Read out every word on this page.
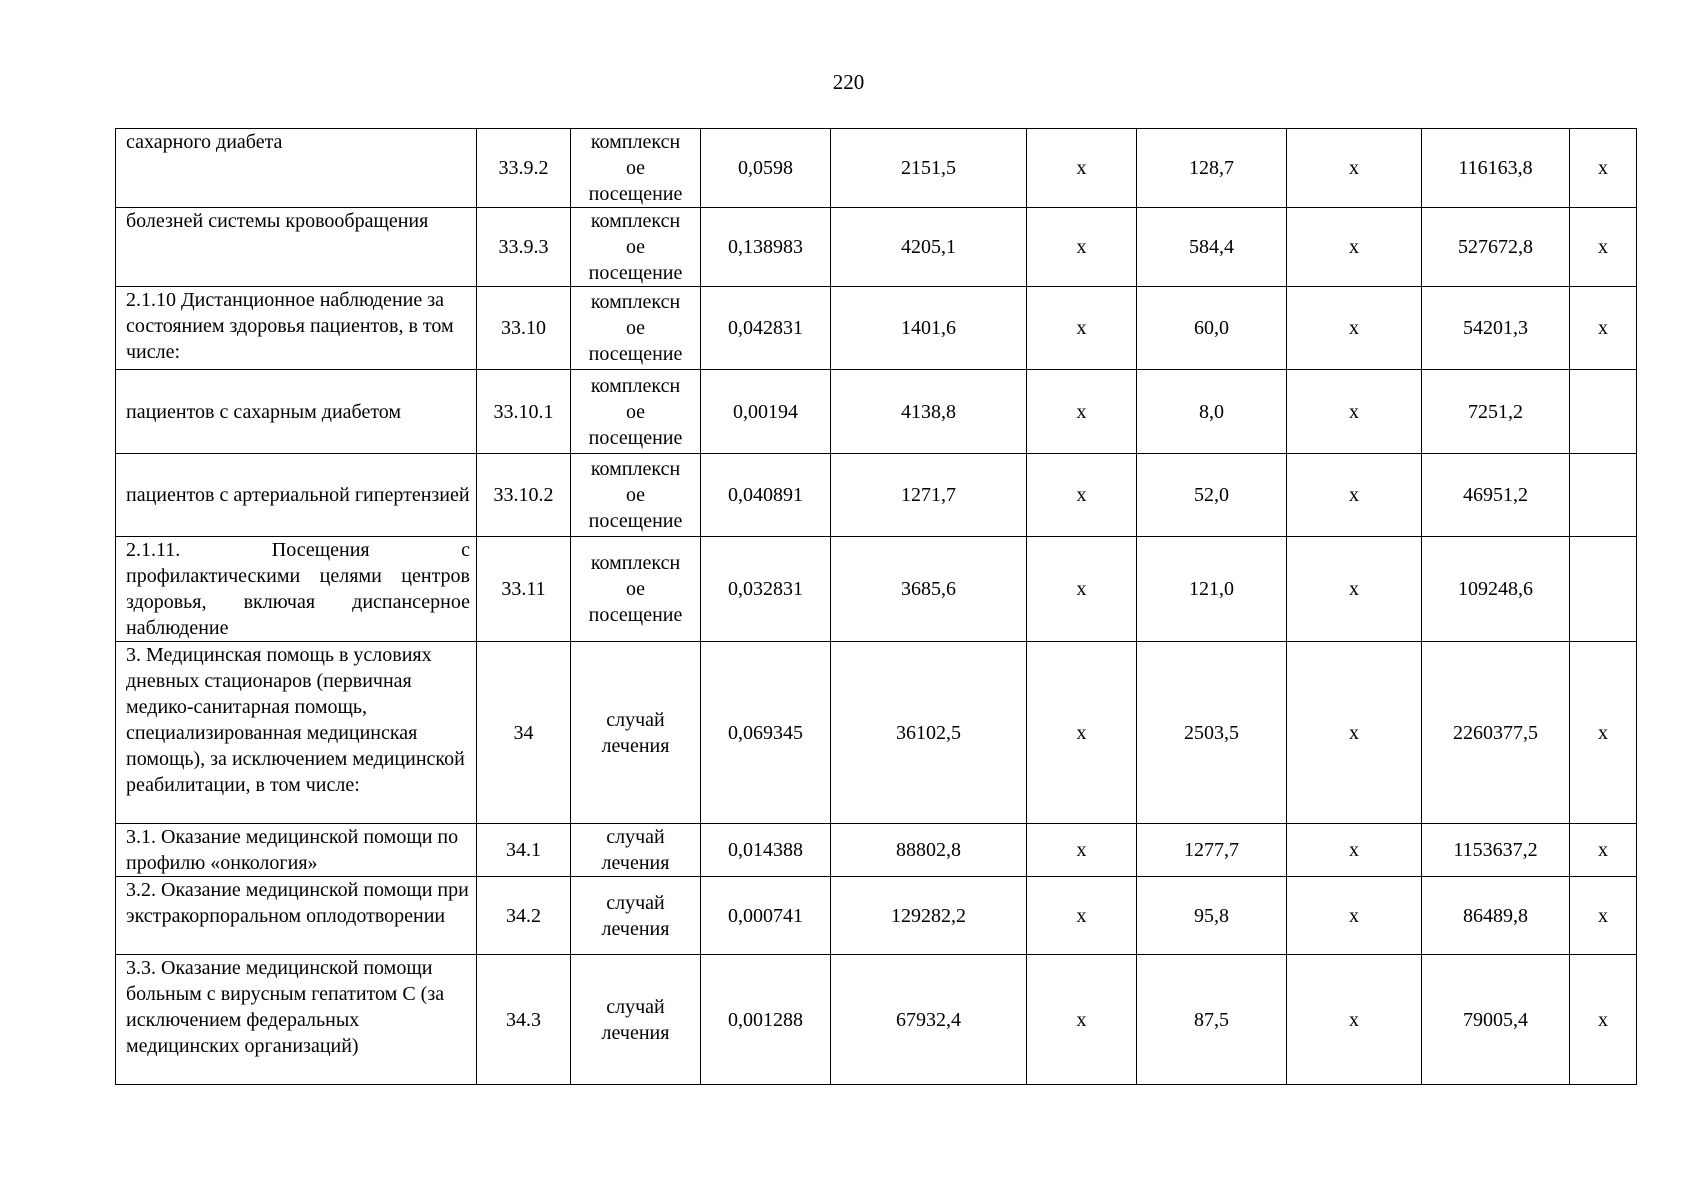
220
сахарного диабета	33.9.2	комплексн ое посещение	0,0598	2151,5	x	128,7	x	116163,8	x
болезней системы кровообращения	33.9.3	комплексн ое посещение	0,138983	4205,1	x	584,4	x	527672,8	x
2.1.10 Дистанционное наблюдение за состоянием здоровья пациентов, в том числе:	33.10	комплексн ое посещение	0,042831	1401,6	x	60,0	x	54201,3	x
пациентов с сахарным диабетом	33.10.1	комплексн ое посещение	0,00194	4138,8	x	8,0	x	7251,2	
пациентов с артериальной гипертензией	33.10.2	комплексн ое посещение	0,040891	1271,7	x	52,0	x	46951,2	
2.1.11. Посещения с профилактическими целями центров здоровья, включая диспансерное наблюдение	33.11	комплексн ое посещение	0,032831	3685,6	x	121,0	x	109248,6	
3. Медицинская помощь в условиях дневных стационаров (первичная медико-санитарная помощь, специализированная медицинская помощь), за исключением медицинской реабилитации, в том числе:	34	случай лечения	0,069345	36102,5	x	2503,5	x	2260377,5	x
3.1. Оказание медицинской помощи по профилю «онкология»	34.1	случай лечения	0,014388	88802,8	x	1277,7	x	1153637,2	x
3.2. Оказание медицинской помощи при экстракорпоральном оплодотворении	34.2	случай лечения	0,000741	129282,2	x	95,8	x	86489,8	x
3.3. Оказание медицинской помощи больным с вирусным гепатитом C (за исключением федеральных медицинских организаций)	34.3	случай лечения	0,001288	67932,4	x	87,5	x	79005,4	x
